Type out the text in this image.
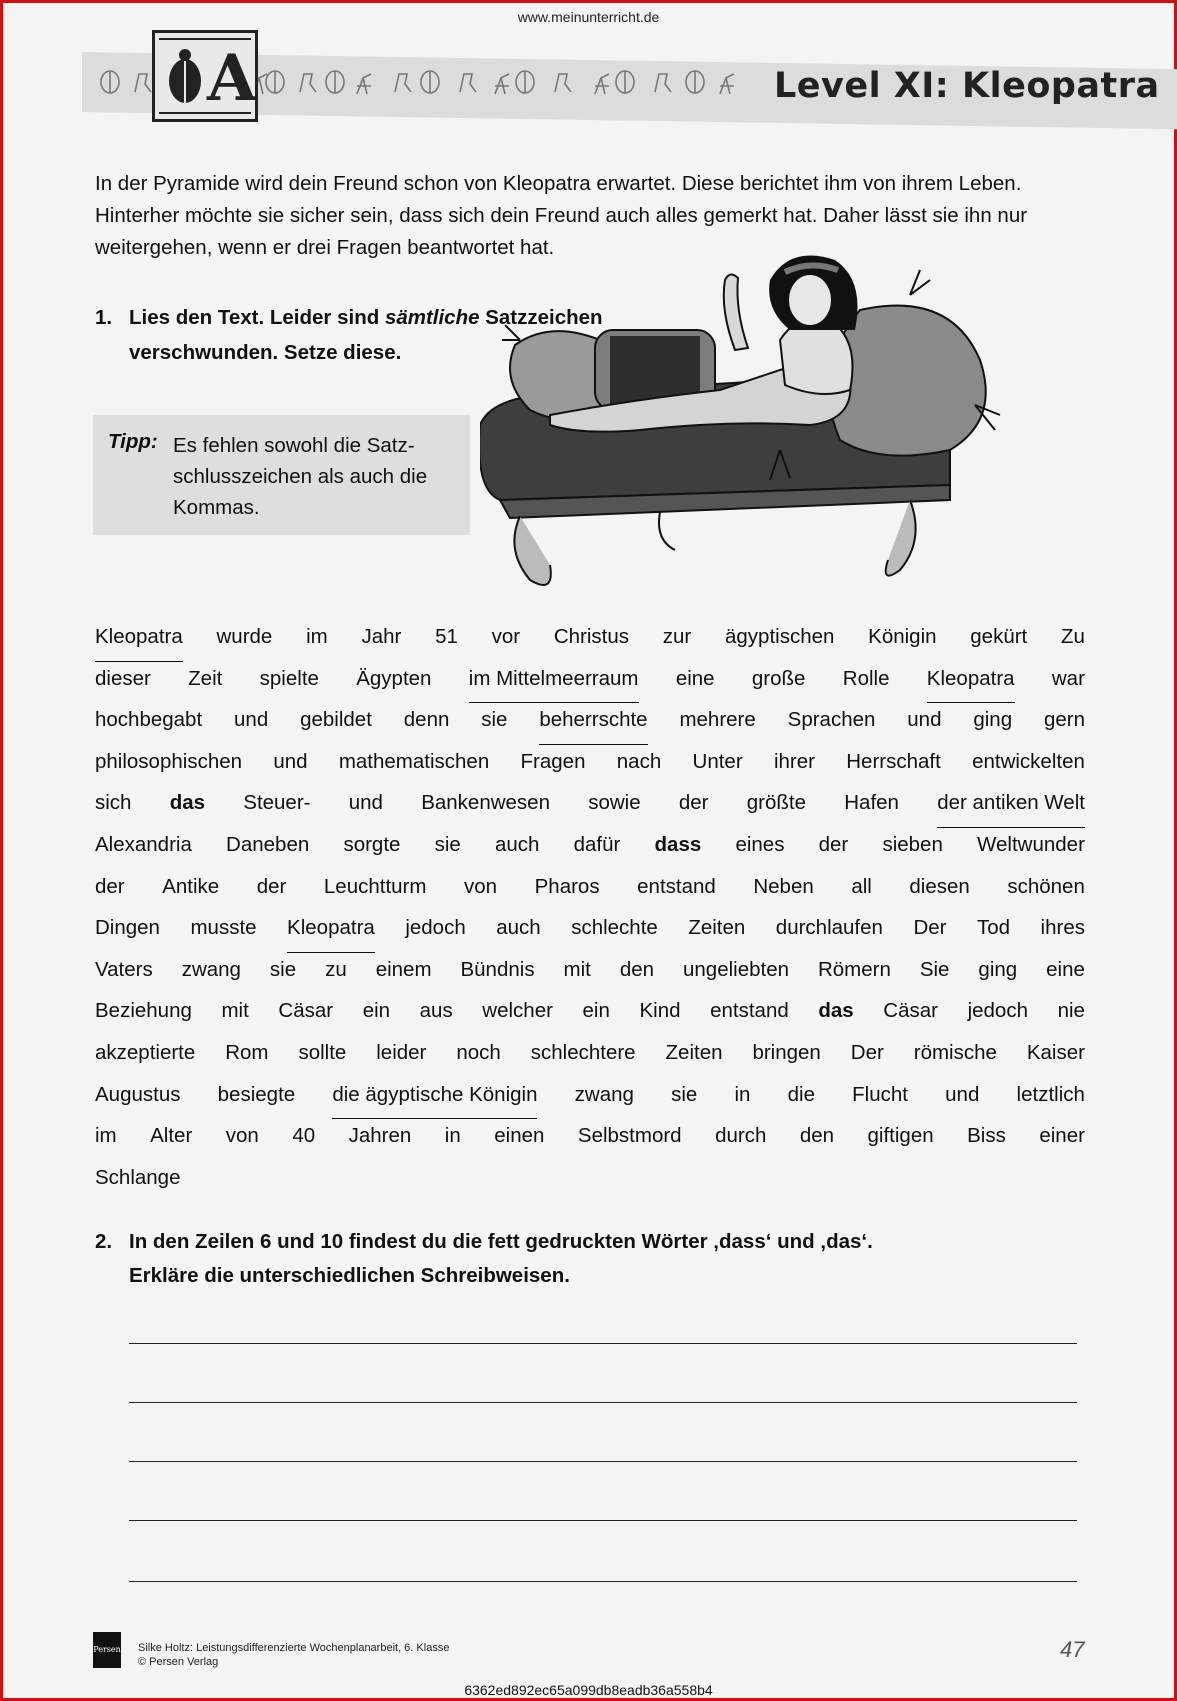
www.meinunterricht.de
A	Level XI: Kleopatra
In der Pyramide wird dein Freund schon von Kleopatra erwartet. Diese berichtet ihm von ihrem Leben. Hinterher möchte sie sicher sein, dass sich dein Freund auch alles gemerkt hat. Daher lässt sie ihn nur weitergehen, wenn er drei Fragen beantwortet hat.
1. Lies den Text. Leider sind sämtliche Satzzeichen verschwunden. Setze diese.
Tipp: Es fehlen sowohl die Satzschlusszeichen als auch die Kommas.
Kleopatra wurde im Jahr 51 vor Christus zur ägyptischen Königin gekürt Zu
dieser Zeit spielte Ägypten im Mittelmeerraum eine große Rolle Kleopatra war
hochbegabt und gebildet denn sie beherrschte mehrere Sprachen und ging gern
philosophischen und mathematischen Fragen nach Unter ihrer Herrschaft entwickelten
sich das Steuer- und Bankenwesen sowie der größte Hafen der antiken Welt
Alexandria Daneben sorgte sie auch dafür dass eines der sieben Weltwunder
der Antike der Leuchtturm von Pharos entstand Neben all diesen schönen
Dingen musste Kleopatra jedoch auch schlechte Zeiten durchlaufen Der Tod ihres
Vaters zwang sie zu einem Bündnis mit den ungeliebten Römern Sie ging eine
Beziehung mit Cäsar ein aus welcher ein Kind entstand das Cäsar jedoch nie
akzeptierte Rom sollte leider noch schlechtere Zeiten bringen Der römische Kaiser
Augustus besiegte die ägyptische Königin zwang sie in die Flucht und letztlich
im Alter von 40 Jahren in einen Selbstmord durch den giftigen Biss einer
Schlange
2. In den Zeilen 6 und 10 findest du die fett gedruckten Wörter ‚dass‘ und ‚das‘.
Erkläre die unterschiedlichen Schreibweisen.
Persen Silke Holtz: Leistungsdifferenzierte Wochenplanarbeit, 6. Klasse
© Persen Verlag	47
6362ed892ec65a099db8eadb36a558b4
